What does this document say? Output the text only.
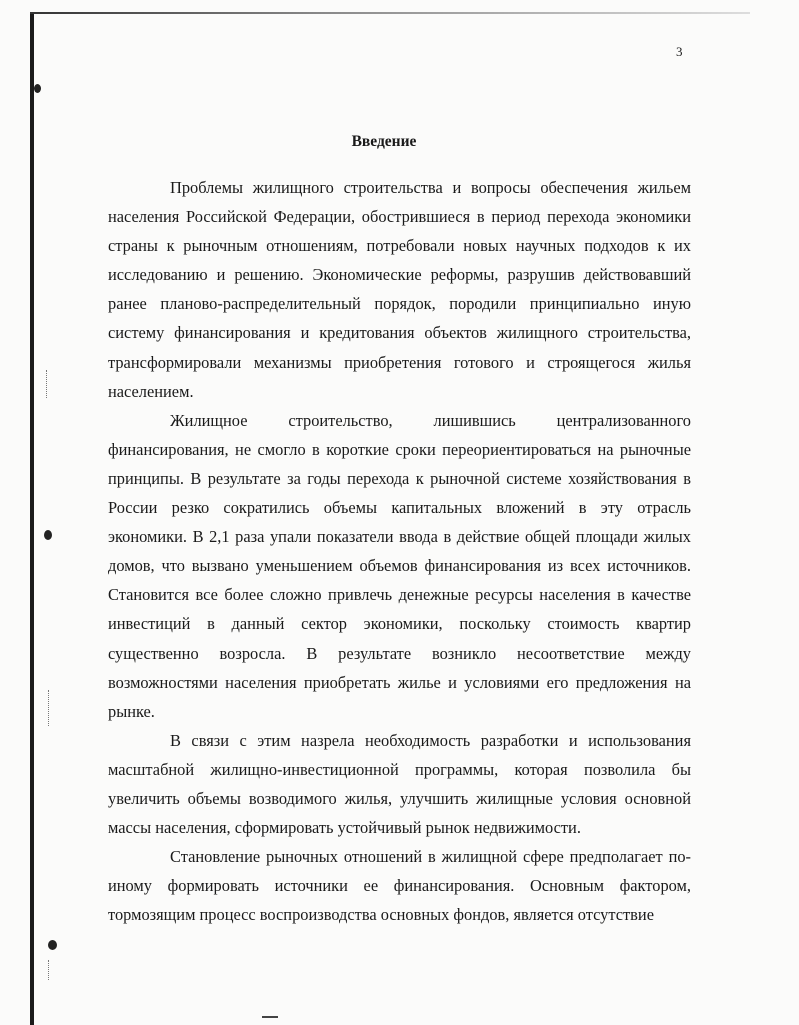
3
Введение

Проблемы жилищного строительства и вопросы обеспечения жильем населения Российской Федерации, обострившиеся в период перехода экономики страны к рыночным отношениям, потребовали новых научных подходов к их исследованию и решению. Экономические реформы, разрушив действовавший ранее планово-распределительный порядок, породили принципиально иную систему финансирования и кредитования объектов жилищного строительства, трансформировали механизмы приобретения готового и строящегося жилья населением.

Жилищное строительство, лишившись централизованного финансирования, не смогло в короткие сроки переориентироваться на рыночные принципы. В результате за годы перехода к рыночной системе хозяйствования в России резко сократились объемы капитальных вложений в эту отрасль экономики. В 2,1 раза упали показатели ввода в действие общей площади жилых домов, что вызвано уменьшением объемов финансирования из всех источников. Становится все более сложно привлечь денежные ресурсы населения в качестве инвестиций в данный сектор экономики, поскольку стоимость квартир существенно возросла. В результате возникло несоответствие между возможностями населения приобретать жилье и условиями его предложения на рынке.

В связи с этим назрела необходимость разработки и использования масштабной жилищно-инвестиционной программы, которая позволила бы увеличить объемы возводимого жилья, улучшить жилищные условия основной массы населения, сформировать устойчивый рынок недвижимости.

Становление рыночных отношений в жилищной сфере предполагает по-иному формировать источники ее финансирования. Основным фактором, тормозящим процесс воспроизводства основных фондов, является отсутствие
